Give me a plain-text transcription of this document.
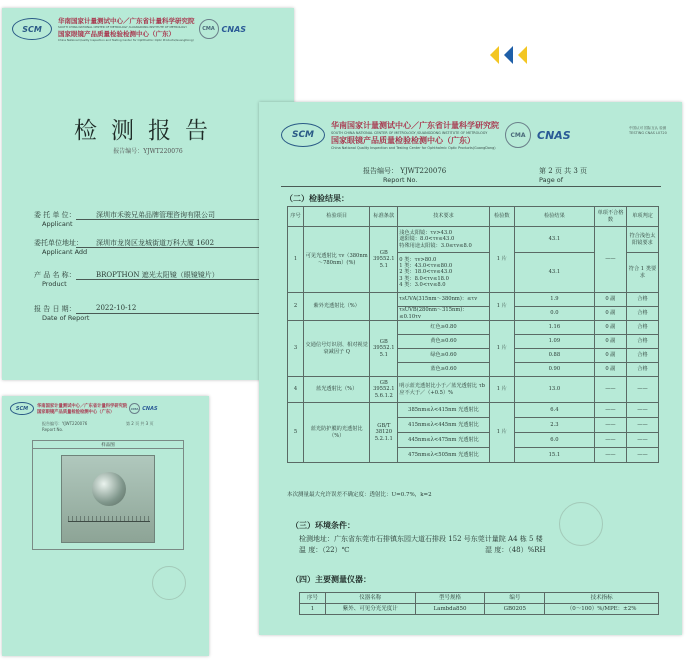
SCM
华南国家计量测试中心／广东省计量科学研究院
SOUTH CHINA NATIONAL CENTER OF METROLOGY /GUANGDONG INSTITUTE OF METROLOGY
国家眼镜产品质量检验检测中心（广东）
China National Quality Inspection and Testing Center for Ophthalmic Optic Products(GuangDong)
CMA CNAS
检测报告
报告编号：YJWT220076
委 托 单 位：	深圳市禾骏兄弟品牌管理咨询有限公司
Applicant
委托单位地址： 深圳市龙岗区龙城街道万科大厦 1602
Applicant Add
产 品 名 称：	BROPTHON 遮光太阳镜（眼镜镜片）
Product
报 告 日 期：	2022-10-12
Date of Report
SCM	华南国家计量测试中心／广东省计量科学研究院
国家眼镜产品质量检验检测中心（广东）
CMA CNAS
报告编号：YJWT220076
Report No.
第 2 页 共 3 页
样品图
SCM
华南国家计量测试中心／广东省计量科学研究院
SOUTH CHINA NATIONAL CENTER OF METROLOGY /GUANGDONG INSTITUTE OF METROLOGY
国家眼镜产品质量检验检测中心（广东）
China National Quality Inspection and Testing Center for Ophthalmic Optic Products(GuangDong)
CMA	CNAS
中国认可 国际互认 检测 TESTING CNAS L0720
报告编号： YJWT220076
Report No.
第 2 页 共 3 页
Page of
（二）检验结果：
序号	检验项目	标准条款	技术要求	检验数	检验结果	单项不合格数	单项判定
1	可见光透射比 τv（380nm～780nm）(%)	GB 39552.1 5.1	浅色太阳镜：τv>43.0
遮阳镜：8.0<τv≤43.0
特殊用途太阳镜：3.0≤τv≤8.0	1 片	43.1	——	符合浅色太阳镜要求
			0 类：τv>80.0
1 类：43.0<τv≤80.0
2 类：18.0<τv≤43.0
3 类：8.0<τv≤18.0
4 类：3.0<τv≤8.0		43.1		符合 1 类要求
2	紫外光透射比（%）		τsUVA(315nm～380nm)：≤τv	1 片	1.9	0 副	合格
			τsUVB(280nm～315nm)：≤0.10τv		0.0	0 副	合格
3	交通信号灯识别、相对视觉衰减因子 Q	GB 39552.1 5.1	红色≥0.80	1 片	1.16	0 副	合格
			黄色≥0.60		1.09	0 副	合格
			绿色≥0.60		0.88	0 副	合格
			蓝色≥0.60		0.90	0 副	合格
4	蓝光透射比（%）	GB 39552.1 5.6.1.2	明示蓝光透射比小于／蓝光透射比 τb 应不大于／（+0.5）%	1 片	13.0	——	——
5	蓝光防护膜的光透射比（%）	GB/T 38120 5.2.1.1	385nm≤λ<415nm 光透射比	1 片	6.4	——	——
			415nm≤λ<445nm 光透射比		2.3	——	——
			445nm≤λ<475nm 光透射比		6.0	——	——
			475nm≤λ<505nm 光透射比		15.1	——	——
本次测量最大允许误差不确定度：透射比：U=0.7%，k=2
（三）环境条件：
检测地址：广东省东莞市石排镇东园大道石排段 152 号东莞计量院 A4 栋 5 楼
温 度：（22）℃	湿 度：（48）%RH
（四）主要测量仪器：
序号	仪器名称	型号规格	编号	技术指标
1	紫外、可见分光光度计	Lambda850	GB0205	（0～100）%/MPE：±2%
